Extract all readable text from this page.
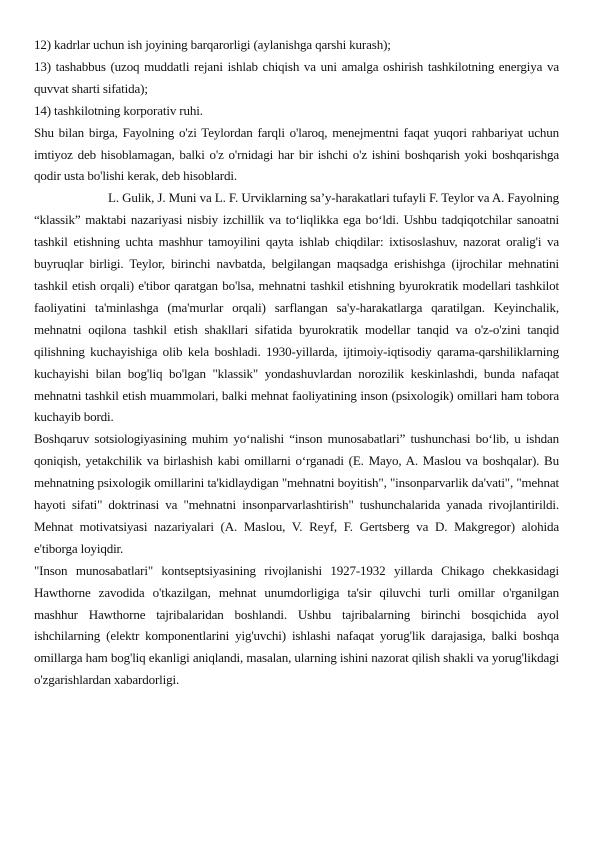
12) kadrlar uchun ish joyining barqarorligi (aylanishga qarshi kurash);

13) tashabbus (uzoq muddatli rejani ishlab chiqish va uni amalga oshirish tashkilotning energiya va quvvat sharti sifatida);

14) tashkilotning korporativ ruhi.

Shu bilan birga, Fayolning o'zi Teylordan farqli o'laroq, menejmentni faqat yuqori rahbariyat uchun imtiyoz deb hisoblamagan, balki o'z o'rnidagi har bir ishchi o'z ishini boshqarish yoki boshqarishga qodir usta bo'lishi kerak, deb hisoblardi.

L. Gulik, J. Muni va L. F. Urviklarning sa’y-harakatlari tufayli F. Teylor va A. Fayolning “klassik” maktabi nazariyasi nisbiy izchillik va to‘liqlikka ega bo‘ldi. Ushbu tadqiqotchilar sanoatni tashkil etishning uchta mashhur tamoyilini qayta ishlab chiqdilar: ixtisoslashuv, nazorat oralig'i va buyruqlar birligi. Teylor, birinchi navbatda, belgilangan maqsadga erishishga (ijrochilar mehnatini tashkil etish orqali) e'tibor qaratgan bo'lsa, mehnatni tashkil etishning byurokratik modellari tashkilot faoliyatini ta'minlashga (ma'murlar orqali) sarflangan sa'y-harakatlarga qaratilgan. Keyinchalik, mehnatni oqilona tashkil etish shakllari sifatida byurokratik modellar tanqid va o'z-o'zini tanqid qilishning kuchayishiga olib kela boshladi. 1930-yillarda, ijtimoiy-iqtisodiy qarama-qarshiliklarning kuchayishi bilan bog'liq bo'lgan "klassik" yondashuvlardan norozilik keskinlashdi, bunda nafaqat mehnatni tashkil etish muammolari, balki mehnat faoliyatining inson (psixologik) omillari ham tobora kuchayib bordi.

Boshqaruv sotsiologiyasining muhim yo‘nalishi “inson munosabatlari” tushunchasi bo‘lib, u ishdan qoniqish, yetakchilik va birlashish kabi omillarni o‘rganadi (E. Mayo, A. Maslou va boshqalar). Bu mehnatning psixologik omillarini ta'kidlaydigan "mehnatni boyitish", "insonparvarlik da'vati", "mehnat hayoti sifati" doktrinasi va "mehnatni insonparvarlashtirish" tushunchalarida yanada rivojlantirildi. Mehnat motivatsiyasi nazariyalari (A. Maslou, V. Reyf, F. Gertsberg va D. Makgregor) alohida e'tiborga loyiqdir.

"Inson munosabatlari" kontseptsiyasining rivojlanishi 1927-1932 yillarda Chikago chekkasidagi Hawthorne zavodida o'tkazilgan, mehnat unumdorligiga ta'sir qiluvchi turli omillar o'rganilgan mashhur Hawthorne tajribalaridan boshlandi. Ushbu tajribalarning birinchi bosqichida ayol ishchilarning (elektr komponentlarini yig'uvchi) ishlashi nafaqat yorug'lik darajasiga, balki boshqa omillarga ham bog'liq ekanligi aniqlandi, masalan, ularning ishini nazorat qilish shakli va yorug'likdagi o'zgarishlardan xabardorligi.
